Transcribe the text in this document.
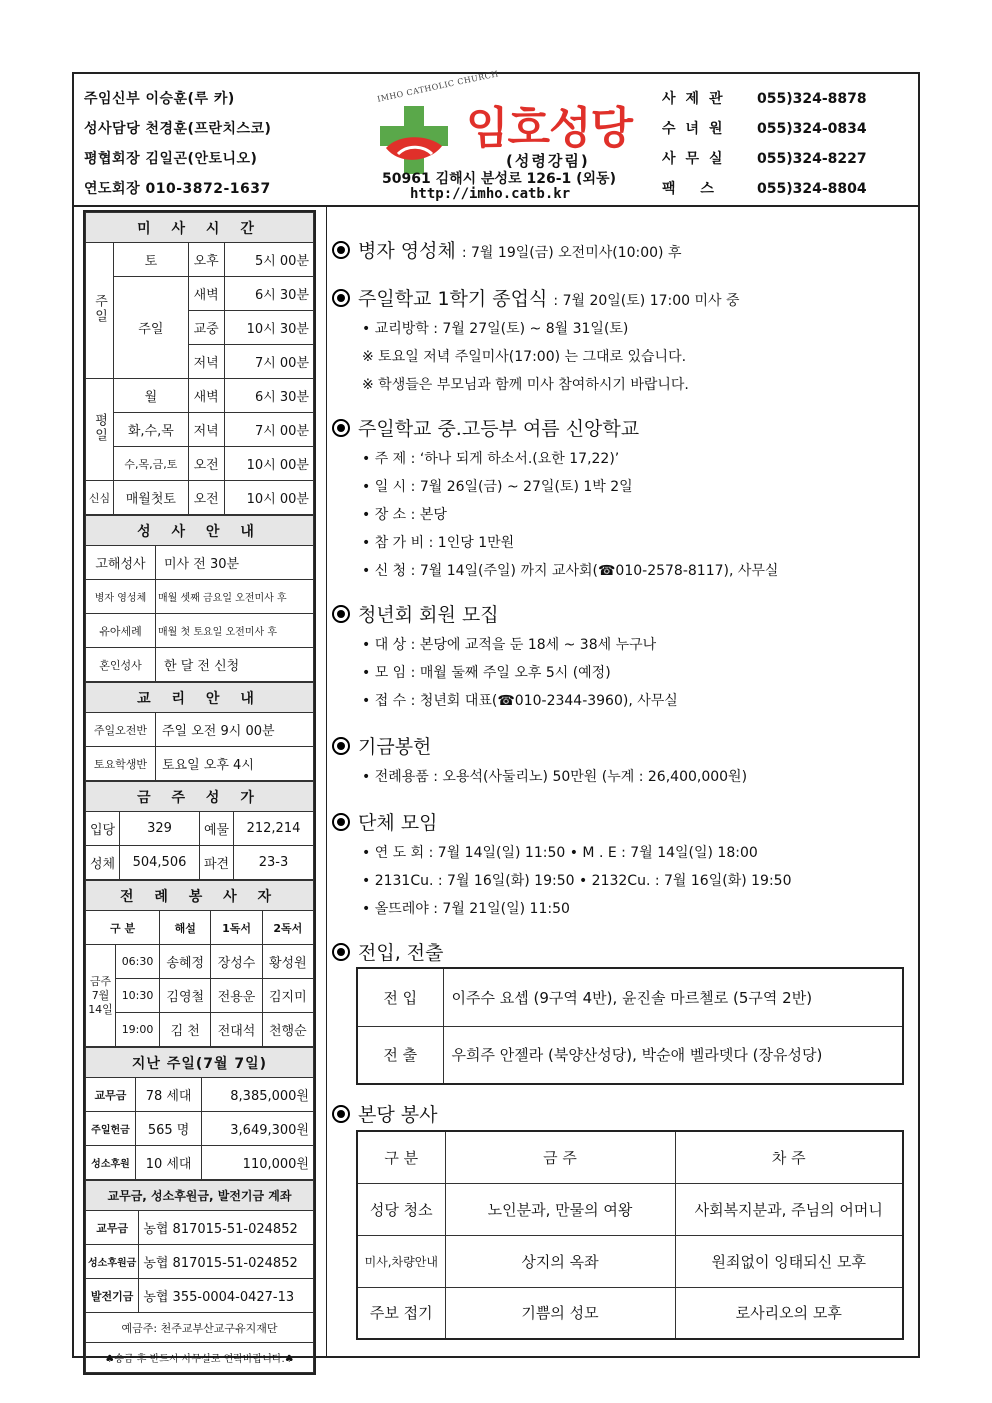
주임신부 이승훈(루 카)
성사담당 천경훈(프란치스코)
평협회장 김일곤(안토니오)
연도회장 010-3872-1637
IMHO CATHOLIC CHURCH
임호성당
(성령강림)
50961 김해시 분성로 126-1 (외동)
http://imho.catb.kr
사제관	055)324-8878
수녀원	055)324-0834
사무실	055)324-8227
팩 스	055)324-8804
미 사 시 간			
주일	토	오후	5시 00분
	주일	새벽	6시 30분
		교중	10시 30분
		저녁	7시 00분
평일	월	새벽	6시 30분
	화,수,목	저녁	7시 00분
	수,목,금,토	오전	10시 00분
신심	매월첫토	오전	10시 00분
성 사 안 내	
고해성사	미사 전 30분
병자 영성체	매월 셋째 금요일 오전미사 후
유아세례	매월 첫 토요일 오전미사 후
혼인성사	한 달 전 신청
교 리 안 내	
주일오전반	주일 오전 9시 00분
토요학생반	토요일 오후 4시
금 주 성 가			
입당	329	예물	212,214
성체	504,506	파견	23-3
전 례 봉 사 자				
구 분		해설	1독서	2독서
금주 7월 14일	06:30	송혜정	장성수	황성원
	10:30	김영철	전용운	김지미
	19:00	김 천	전대석	천행순
지난 주일(7월 7일)		
교무금	78 세대	8,385,000원
주일헌금	565 명	3,649,300원
성소후원	10 세대	110,000원
교무금, 성소후원금, 발전기금 계좌	
교무금	농협 817015-51-024852
성소후원금	농협 817015-51-024852
발전기금	농협 355-0004-0427-13
예금주: 천주교부산교구유지재단	
♣송금 후 반드시 사무실로 연락바랍니다.♣	
병자 영성체 : 7월 19일(금) 오전미사(10:00) 후
주일학교 1학기 종업식 : 7월 20일(토) 17:00 미사 중
• 교리방학 : 7월 27일(토) ~ 8월 31일(토)
※ 토요일 저녁 주일미사(17:00) 는 그대로 있습니다.
※ 학생들은 부모님과 함께 미사 참여하시기 바랍니다.
주일학교 중.고등부 여름 신앙학교
• 주 제 : ‘하나 되게 하소서.(요한 17,22)’
• 일 시 : 7월 26일(금) ~ 27일(토) 1박 2일
• 장 소 : 본당
• 참 가 비 : 1인당 1만원
• 신 청 : 7월 14일(주일) 까지 교사회(☎010-2578-8117), 사무실
청년회 회원 모집
• 대 상 : 본당에 교적을 둔 18세 ~ 38세 누구나
• 모 임 : 매월 둘째 주일 오후 5시 (예정)
• 접 수 : 청년회 대표(☎010-2344-3960), 사무실
기금봉헌
• 전례용품 : 오용석(사둘리노) 50만원 (누계 : 26,400,000원)
단체 모임
• 연 도 회 : 7월 14일(일) 11:50 • M . E : 7월 14일(일) 18:00
• 2131Cu. : 7월 16일(화) 19:50 • 2132Cu. : 7월 16일(화) 19:50
• 올뜨레야 : 7월 21일(일) 11:50
전입, 전출
본당 봉사
전 입	이주수 요셉 (9구역 4반), 윤진솔 마르첼로 (5구역 2반)
전 출	우희주 안젤라 (북양산성당), 박순애 벨라뎃다 (장유성당)
구 분	금 주	차 주
성당 청소	노인분과, 만물의 여왕	사회복지분과, 주님의 어머니
미사,차량안내	상지의 옥좌	원죄없이 잉태되신 모후
주보 접기	기쁨의 성모	로사리오의 모후
